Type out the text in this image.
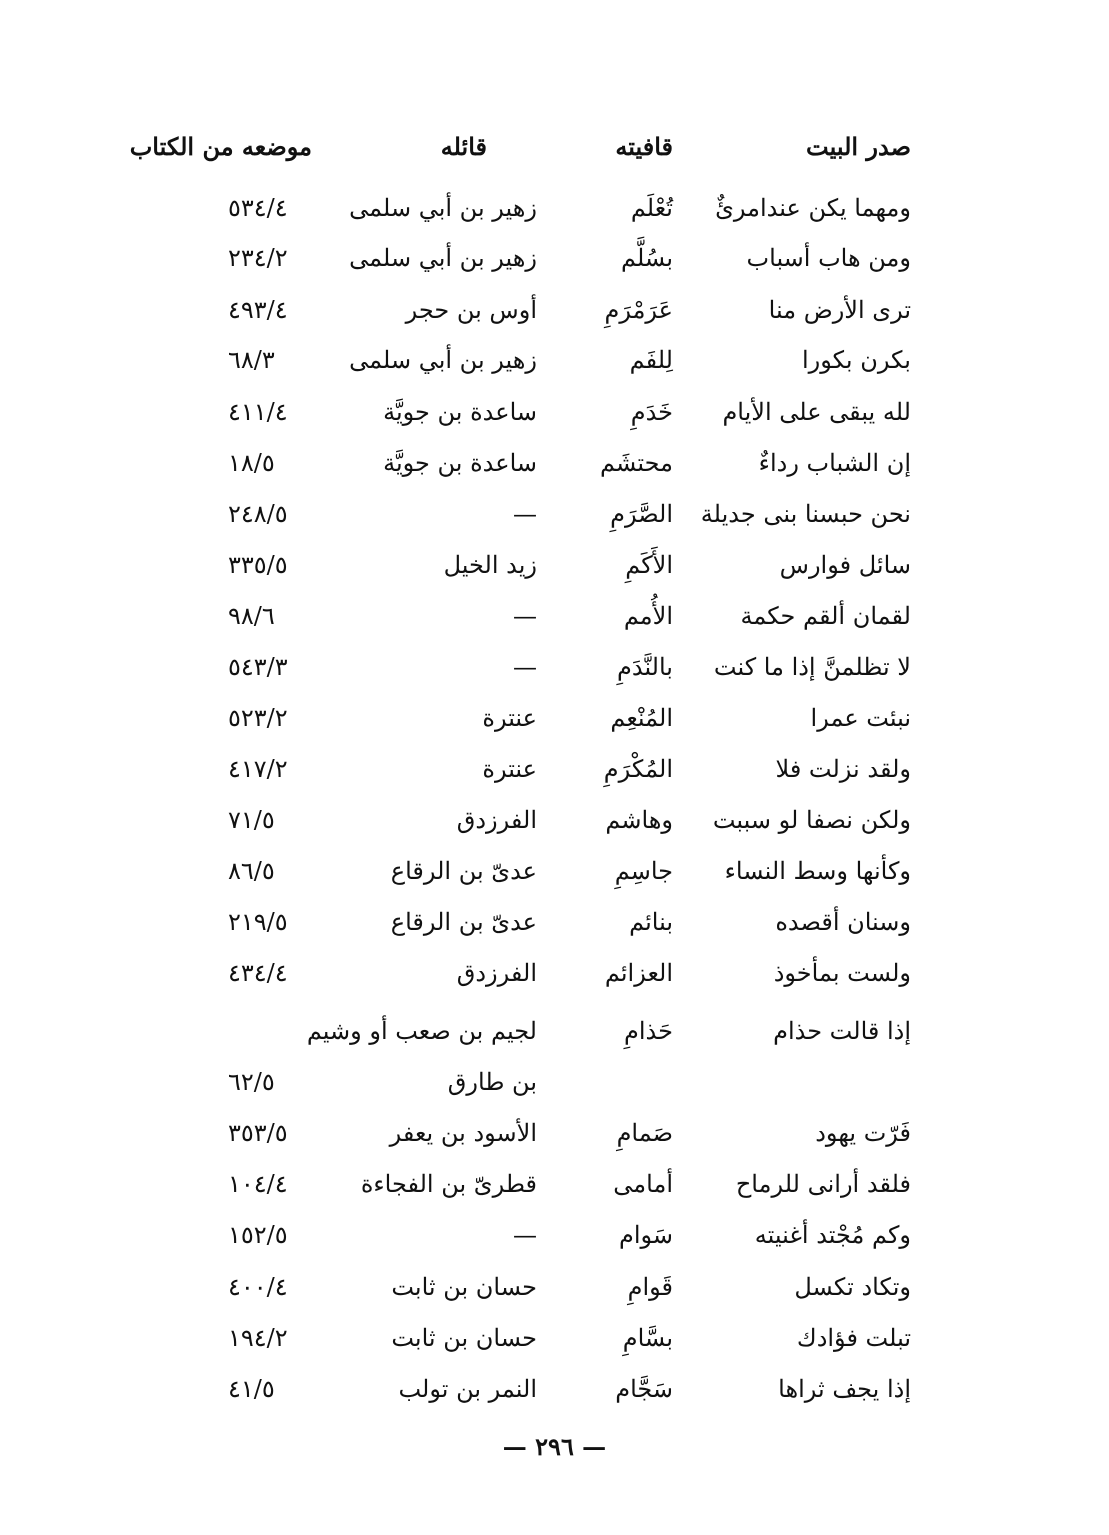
صدر البيت
قافيته
قائله
موضعه من الكتاب
ومهما يكن عندامرئٌ
تُعْلَم
زهير بن أبي سلمى
٥٣٤/٤
ومن هاب أسباب
بسُلَّم
زهير بن أبي سلمى
٢٣٤/٢
ترى الأرض منا
عَرَمْرَمِ
أوس بن حجر
٤٩٣/٤
بكرن بكورا
لِلفَم
زهير بن أبي سلمى
٦٨/٣
لله يبقى على الأيام
خَدَمِ
ساعدة بن جويَّة
٤١١/٤
إن الشباب رداءٌ
محتشَم
ساعدة بن جويَّة
١٨/٥
نحن حبسنا بنى جديلة
الصَّرَمِ
—
٢٤٨/٥
سائل فوارس
الأَكَمِ
زيد الخيل
٣٣٥/٥
لقمان ألقم حكمة
الأُمم
—
٩٨/٦
لا تظلمنَّ إذا ما كنت
بالنَّدَمِ
—
٥٤٣/٣
نبئت عمرا
المُنْعِم
عنترة
٥٢٣/٢
ولقد نزلت فلا
المُكْرَمِ
عنترة
٤١٧/٢
ولكن نصفا لو سببت
وهاشم
الفرزدق
٧١/٥
وكأنها وسط النساء
جاسِمِ
عدىّ بن الرقاع
٨٦/٥
وسنان أقصده
بنائم
عدىّ بن الرقاع
٢١٩/٥
ولست بمأخوذ
العزائم
الفرزدق
٤٣٤/٤
إذا قالت حذام
حَذامِ
لجيم بن صعب أو وشيم
بن طارق
٦٢/٥
فَرّت يهود
صَمامِ
الأسود بن يعفر
٣٥٣/٥
فلقد أرانى للرماح
أمامى
قطرىّ بن الفجاءة
١٠٤/٤
وكم مُجْتد أغنيته
سَوام
—
١٥٢/٥
وتكاد تكسل
قَوامِ
حسان بن ثابت
٤٠٠/٤
تبلت فؤادك
بسَّامِ
حسان بن ثابت
١٩٤/٢
إذا يجف ثراها
سَجَّام
النمر بن تولب
٤١/٥
— ٢٩٦ —
